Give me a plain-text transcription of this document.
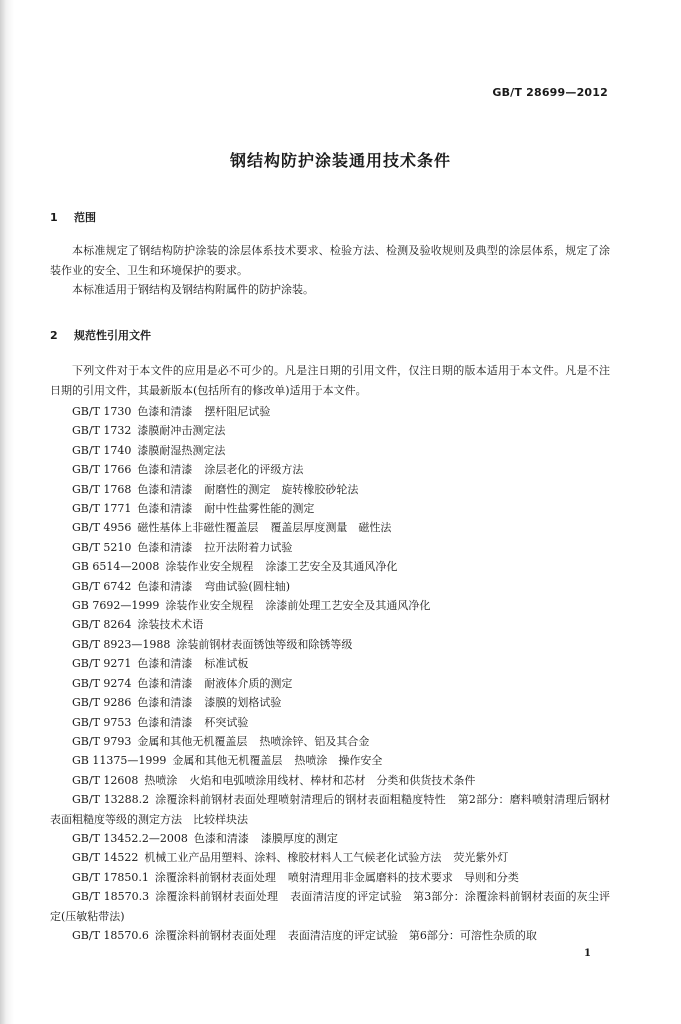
GB/T 28699—2012
钢结构防护涂装通用技术条件
1 范围

本标准规定了钢结构防护涂装的涂层体系技术要求、检验方法、检测及验收规则及典型的涂层体系，规定了涂装作业的安全、卫生和环境保护的要求。

本标准适用于钢结构及钢结构附属件的防护涂装。

2 规范性引用文件

下列文件对于本文件的应用是必不可少的。凡是注日期的引用文件，仅注日期的版本适用于本文件。凡是不注日期的引用文件，其最新版本(包括所有的修改单)适用于本文件。

GB/T 1730 色漆和清漆 摆杆阻尼试验
GB/T 1732 漆膜耐冲击测定法
GB/T 1740 漆膜耐湿热测定法
GB/T 1766 色漆和清漆 涂层老化的评级方法
GB/T 1768 色漆和清漆 耐磨性的测定　旋转橡胶砂轮法
GB/T 1771 色漆和清漆 耐中性盐雾性能的测定
GB/T 4956 磁性基体上非磁性覆盖层 覆盖层厚度测量　磁性法
GB/T 5210 色漆和清漆 拉开法附着力试验
GB 6514—2008 涂装作业安全规程 涂漆工艺安全及其通风净化
GB/T 6742 色漆和清漆 弯曲试验(圆柱轴)
GB 7692—1999 涂装作业安全规程 涂漆前处理工艺安全及其通风净化
GB/T 8264 涂装技术术语
GB/T 8923—1988 涂装前钢材表面锈蚀等级和除锈等级
GB/T 9271 色漆和清漆 标准试板
GB/T 9274 色漆和清漆 耐液体介质的测定
GB/T 9286 色漆和清漆 漆膜的划格试验
GB/T 9753 色漆和清漆 杯突试验
GB/T 9793 金属和其他无机覆盖层 热喷涂锌、铝及其合金
GB 11375—1999 金属和其他无机覆盖层 热喷涂　操作安全
GB/T 12608 热喷涂 火焰和电弧喷涂用线材、棒材和芯材　分类和供货技术条件
GB/T 13288.2 涂覆涂料前钢材表面处理喷射清理后的钢材表面粗糙度特性 第2部分：磨料喷射清理后钢材表面粗糙度等级的测定方法　比较样块法
GB/T 13452.2—2008 色漆和清漆 漆膜厚度的测定
GB/T 14522 机械工业产品用塑料、涂料、橡胶材料人工气候老化试验方法 荧光紫外灯
GB/T 17850.1 涂覆涂料前钢材表面处理 喷射清理用非金属磨料的技术要求　导则和分类
GB/T 18570.3 涂覆涂料前钢材表面处理 表面清洁度的评定试验　第3部分：涂覆涂料前钢材表面的灰尘评定(压敏粘带法)
GB/T 18570.6 涂覆涂料前钢材表面处理 表面清洁度的评定试验　第6部分：可溶性杂质的取
1
